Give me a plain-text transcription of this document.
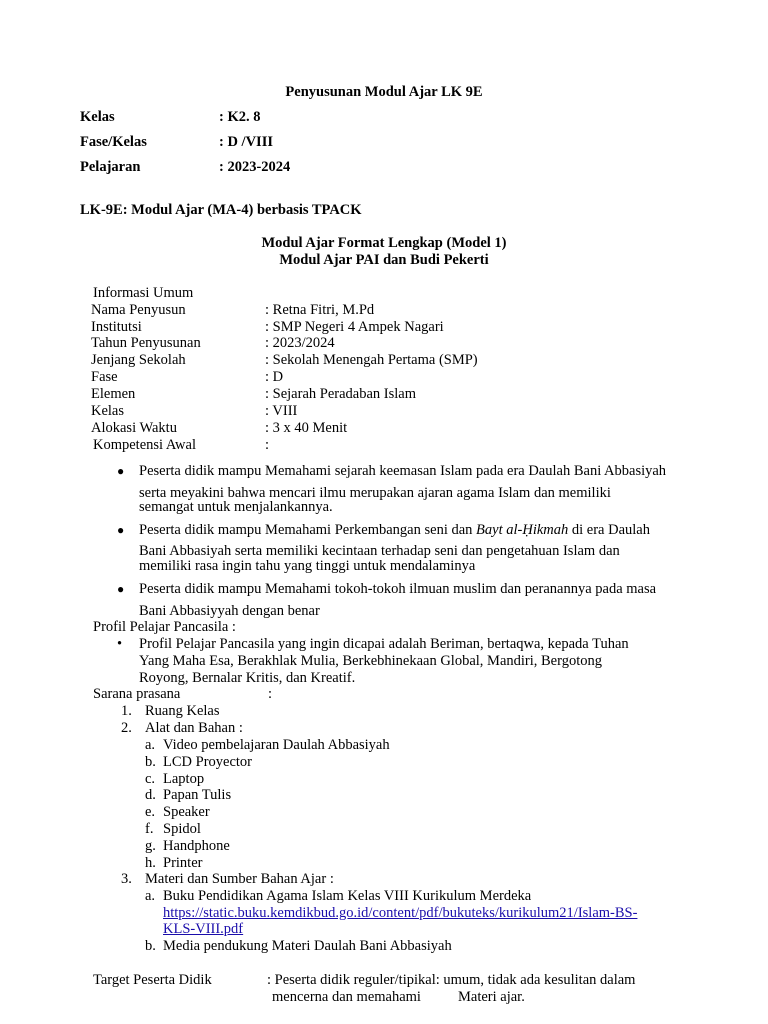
Penyusunan Modul Ajar LK 9E
Kelas	: K2. 8
Fase/Kelas	: D /VIII
Pelajaran	: 2023-2024
LK-9E: Modul Ajar (MA-4) berbasis TPACK
Modul Ajar Format Lengkap (Model 1)
Modul Ajar PAI dan Budi Pekerti
Informasi Umum
Nama Penyusun	: Retna Fitri, M.Pd
Institutsi	: SMP Negeri 4 Ampek Nagari
Tahun Penyusunan	: 2023/2024
Jenjang Sekolah	: Sekolah Menengah Pertama (SMP)
Fase	: D
Elemen	: Sejarah Peradaban Islam
Kelas	: VIII
Alokasi Waktu	: 3 x 40 Menit
Kompetensi Awal	:
● Peserta didik mampu Memahami sejarah keemasan Islam pada era Daulah Bani Abbasiyah
serta meyakini bahwa mencari ilmu merupakan ajaran agama Islam dan memiliki
semangat untuk menjalankannya.
● Peserta didik mampu Memahami Perkembangan seni dan Bayt al-Ḥikmah di era Daulah
Bani Abbasiyah serta memiliki kecintaan terhadap seni dan pengetahuan Islam dan
memiliki rasa ingin tahu yang tinggi untuk mendalaminya
● Peserta didik mampu Memahami tokoh-tokoh ilmuan muslim dan peranannya pada masa
Bani Abbasiyyah dengan benar
Profil Pelajar Pancasila :
• Profil Pelajar Pancasila yang ingin dicapai adalah Beriman, bertaqwa, kepada Tuhan
Yang Maha Esa, Berakhlak Mulia, Berkebhinekaan Global, Mandiri, Bergotong
Royong, Bernalar Kritis, dan Kreatif.
Sarana prasana	:
1. Ruang Kelas
2. Alat dan Bahan :
a. Video pembelajaran Daulah Abbasiyah
b. LCD Proyector
c. Laptop
d. Papan Tulis
e. Speaker
f. Spidol
g. Handphone
h. Printer
3. Materi dan Sumber Bahan Ajar :
a. Buku Pendidikan Agama Islam Kelas VIII Kurikulum Merdeka
https://static.buku.kemdikbud.go.id/content/pdf/bukuteks/kurikulum21/Islam-BS-
KLS-VIII.pdf
b. Media pendukung Materi Daulah Bani Abbasiyah
Target Peserta Didik	: Peserta didik reguler/tipikal: umum, tidak ada kesulitan dalam
mencerna dan memahami	Materi ajar.
